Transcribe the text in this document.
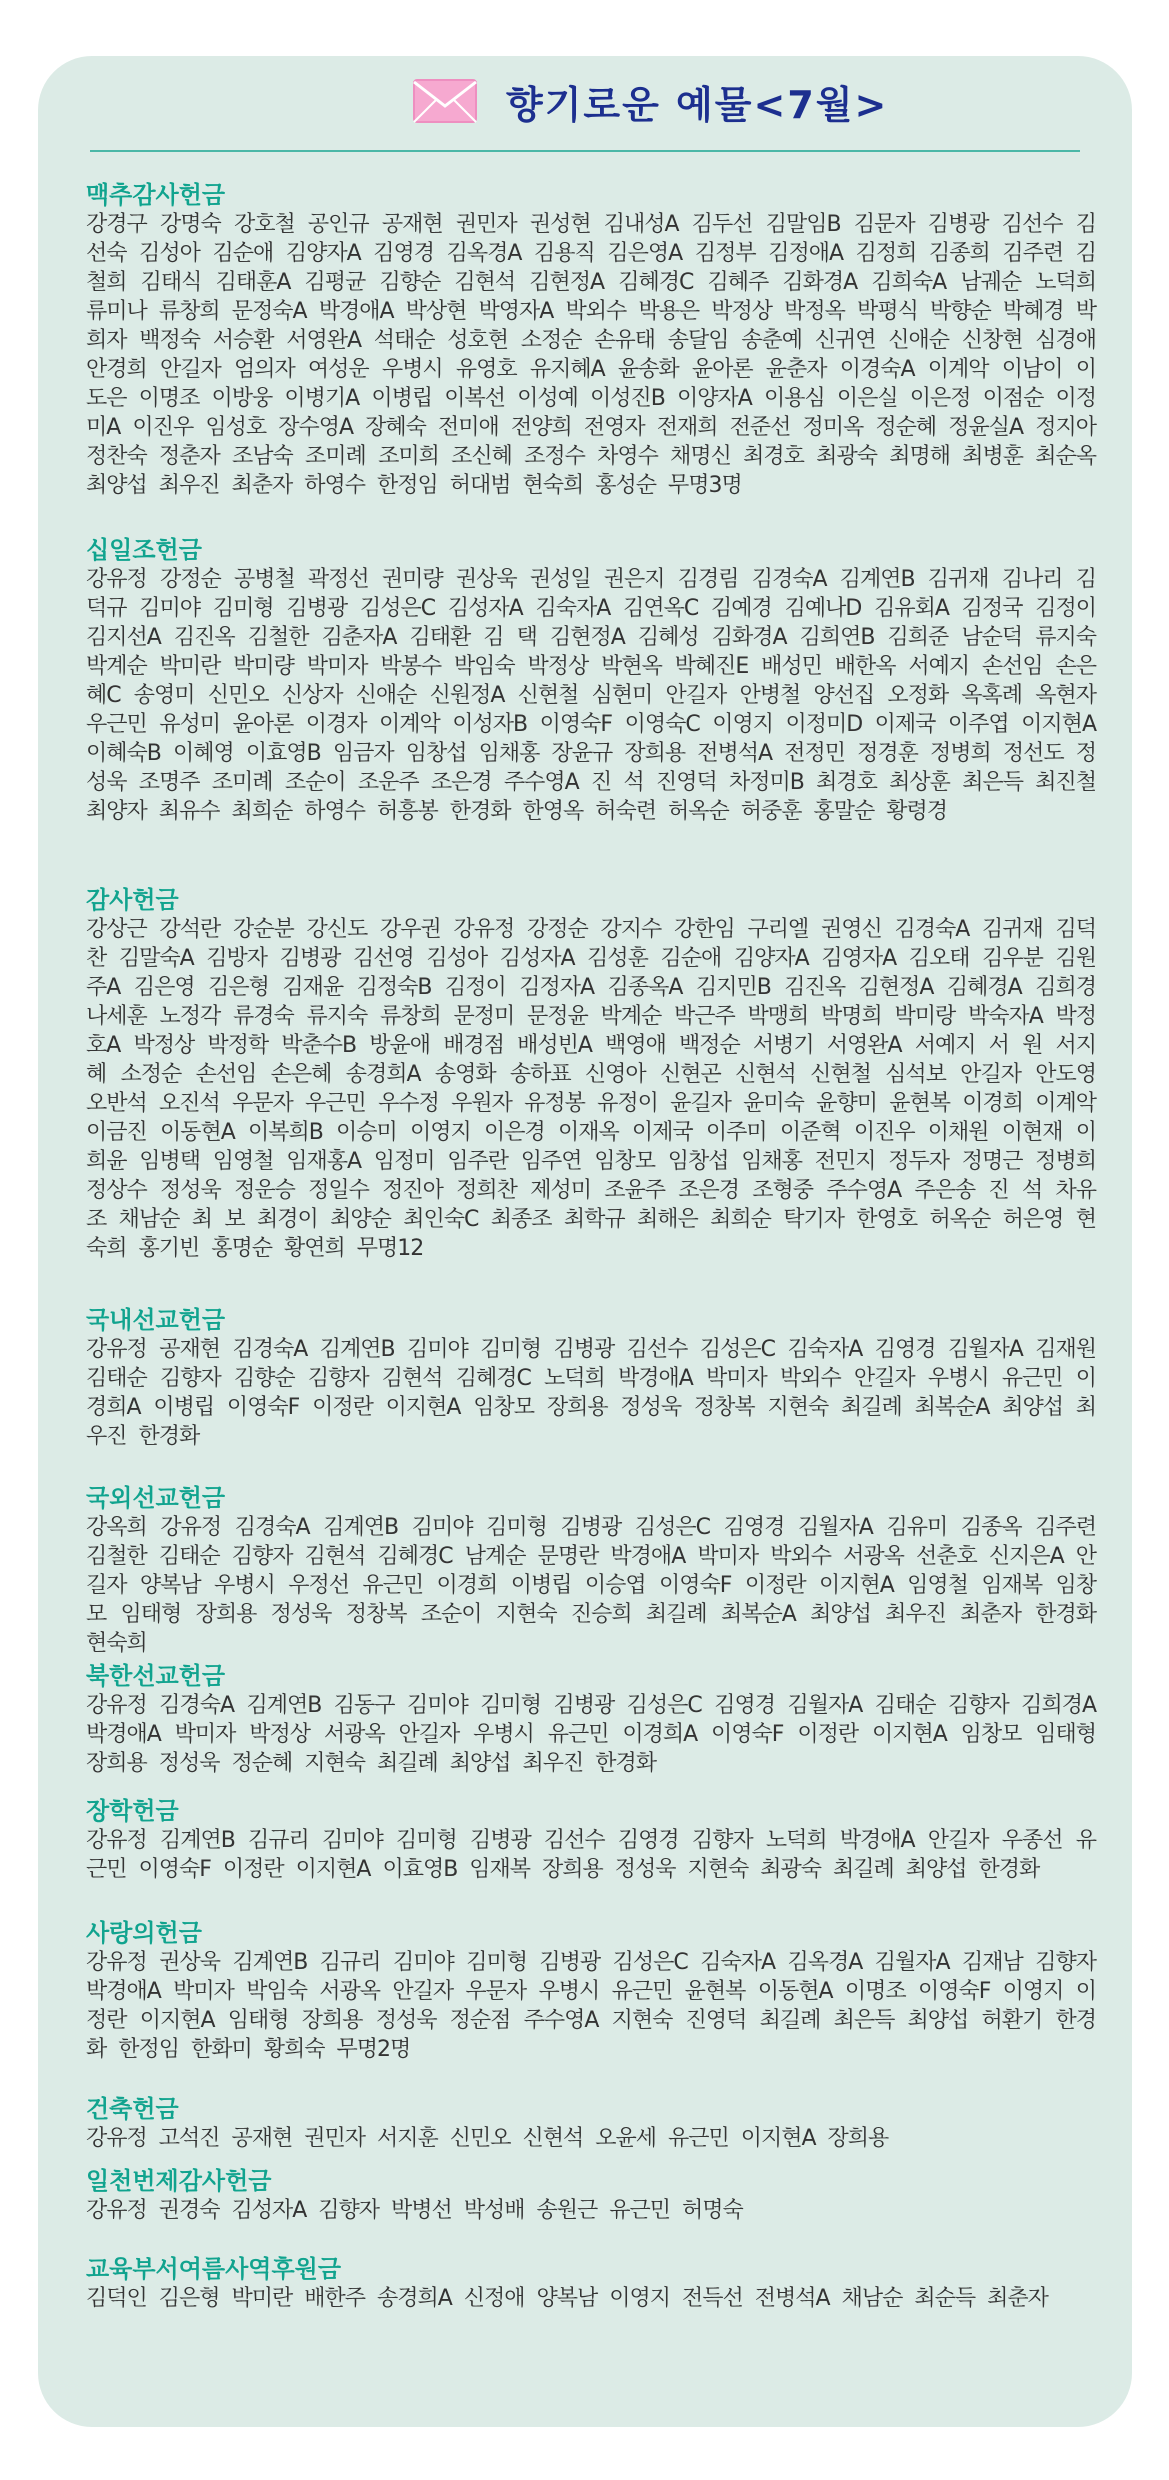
향기로운 예물<7월>
맥추감사헌금
강경구 강명숙 강호철 공인규 공재현 권민자 권성현 김내성A 김두선 김말임B 김문자 김병광 김선수 김선숙 김성아 김순애 김양자A 김영경 김옥경A 김용직 김은영A 김정부 김정애A 김정희 김종희 김주련 김철희 김태식 김태훈A 김평균 김향순 김현석 김현정A 김혜경C 김혜주 김화경A 김희숙A 남궤순 노덕희 류미나 류창희 문정숙A 박경애A 박상현 박영자A 박외수 박용은 박정상 박정옥 박평식 박향순 박혜경 박희자 백정숙 서승환 서영완A 석태순 성호현 소정순 손유태 송달임 송춘예 신귀연 신애순 신창현 심경애 안경희 안길자 엄의자 여성운 우병시 유영호 유지혜A 윤송화 윤아론 윤춘자 이경숙A 이계악 이남이 이도은 이명조 이방웅 이병기A 이병립 이복선 이성예 이성진B 이양자A 이용심 이은실 이은정 이점순 이정미A 이진우 임성호 장수영A 장혜숙 전미애 전양희 전영자 전재희 전준선 정미옥 정순혜 정윤실A 정지아 정찬숙 정춘자 조남숙 조미례 조미희 조신혜 조정수 차영수 채명신 최경호 최광숙 최명해 최병훈 최순옥 최양섭 최우진 최춘자 하영수 한정임 허대범 현숙희 홍성순 무명3명
십일조헌금
강유정 강정순 공병철 곽정선 권미량 권상욱 권성일 권은지 김경림 김경숙A 김계연B 김귀재 김나리 김덕규 김미야 김미형 김병광 김성은C 김성자A 김숙자A 김연옥C 김예경 김예나D 김유회A 김정국 김정이 김지선A 김진옥 김철한 김춘자A 김태환 김 택 김현정A 김혜성 김화경A 김희연B 김희준 남순덕 류지숙 박계순 박미란 박미량 박미자 박봉수 박임숙 박정상 박현옥 박혜진E 배성민 배한옥 서예지 손선임 손은혜C 송영미 신민오 신상자 신애순 신원정A 신현철 심현미 안길자 안병철 양선집 오정화 옥혹례 옥현자 우근민 유성미 윤아론 이경자 이계악 이성자B 이영숙F 이영숙C 이영지 이정미D 이제국 이주엽 이지현A 이혜숙B 이혜영 이효영B 임금자 임창섭 임채홍 장윤규 장희용 전병석A 전정민 정경훈 정병희 정선도 정성욱 조명주 조미례 조순이 조운주 조은경 주수영A 진 석 진영덕 차정미B 최경호 최상훈 최은득 최진철 최양자 최유수 최희순 하영수 허흥봉 한경화 한영옥 허숙련 허옥순 허중훈 홍말순 황령경
감사헌금
강상근 강석란 강순분 강신도 강우권 강유정 강정순 강지수 강한임 구리엘 권영신 김경숙A 김귀재 김덕찬 김말숙A 김방자 김병광 김선영 김성아 김성자A 김성훈 김순애 김양자A 김영자A 김오태 김우분 김원주A 김은영 김은형 김재윤 김정숙B 김정이 김정자A 김종옥A 김지민B 김진옥 김현정A 김혜경A 김희경 나세훈 노정각 류경숙 류지숙 류창희 문정미 문정윤 박계순 박근주 박맹희 박명희 박미랑 박숙자A 박정호A 박정상 박정학 박춘수B 방윤애 배경점 배성빈A 백영애 백정순 서병기 서영완A 서예지 서 원 서지혜 소정순 손선임 손은혜 송경희A 송영화 송하표 신영아 신현곤 신현석 신현철 심석보 안길자 안도영 오반석 오진석 우문자 우근민 우수정 우원자 유정봉 유정이 윤길자 윤미숙 윤향미 윤현복 이경희 이계악 이금진 이동현A 이복희B 이승미 이영지 이은경 이재옥 이제국 이주미 이준혁 이진우 이채원 이현재 이희윤 임병택 임영철 임재홍A 임정미 임주란 임주연 임창모 임창섭 임채홍 전민지 정두자 정명근 정병희 정상수 정성욱 정운승 정일수 정진아 정희찬 제성미 조윤주 조은경 조형중 주수영A 주은송 진 석 차유조 채남순 최 보 최경이 최양순 최인숙C 최종조 최학규 최해은 최희순 탁기자 한영호 허옥순 허은영 현숙희 홍기빈 홍명순 황연희 무명12
국내선교헌금
강유정 공재현 김경숙A 김계연B 김미야 김미형 김병광 김선수 김성은C 김숙자A 김영경 김월자A 김재원 김태순 김향자 김향순 김향자 김현석 김혜경C 노덕희 박경애A 박미자 박외수 안길자 우병시 유근민 이경희A 이병립 이영숙F 이정란 이지현A 임창모 장희용 정성욱 정창복 지현숙 최길례 최복순A 최양섭 최우진 한경화
국외선교헌금
강옥희 강유정 김경숙A 김계연B 김미야 김미형 김병광 김성은C 김영경 김월자A 김유미 김종옥 김주련 김철한 김태순 김향자 김현석 김혜경C 남계순 문명란 박경애A 박미자 박외수 서광옥 선춘호 신지은A 안길자 양복남 우병시 우정선 유근민 이경희 이병립 이승엽 이영숙F 이정란 이지현A 임영철 임재복 임창모 임태형 장희용 정성욱 정창복 조순이 지현숙 진승희 최길례 최복순A 최양섭 최우진 최춘자 한경화 현숙희
북한선교헌금
강유정 김경숙A 김계연B 김동구 김미야 김미형 김병광 김성은C 김영경 김월자A 김태순 김향자 김희경A 박경애A 박미자 박정상 서광옥 안길자 우병시 유근민 이경희A 이영숙F 이정란 이지현A 임창모 임태형 장희용 정성욱 정순혜 지현숙 최길례 최양섭 최우진 한경화
장학헌금
강유정 김계연B 김규리 김미야 김미형 김병광 김선수 김영경 김향자 노덕희 박경애A 안길자 우종선 유근민 이영숙F 이정란 이지현A 이효영B 임재복 장희용 정성욱 지현숙 최광숙 최길례 최양섭 한경화
사랑의헌금
강유정 권상욱 김계연B 김규리 김미야 김미형 김병광 김성은C 김숙자A 김옥경A 김월자A 김재남 김향자 박경애A 박미자 박임숙 서광옥 안길자 우문자 우병시 유근민 윤현복 이동현A 이명조 이영숙F 이영지 이정란 이지현A 임태형 장희용 정성욱 정순점 주수영A 지현숙 진영덕 최길례 최은득 최양섭 허환기 한경화 한정임 한화미 황희숙 무명2명
건축헌금
강유정 고석진 공재현 권민자 서지훈 신민오 신현석 오윤세 유근민 이지현A 장희용
일천번제감사헌금
강유정 권경숙 김성자A 김향자 박병선 박성배 송원근 유근민 허명숙
교육부서여름사역후원금
김덕인 김은형 박미란 배한주 송경희A 신정애 양복남 이영지 전득선 전병석A 채남순 최순득 최춘자
